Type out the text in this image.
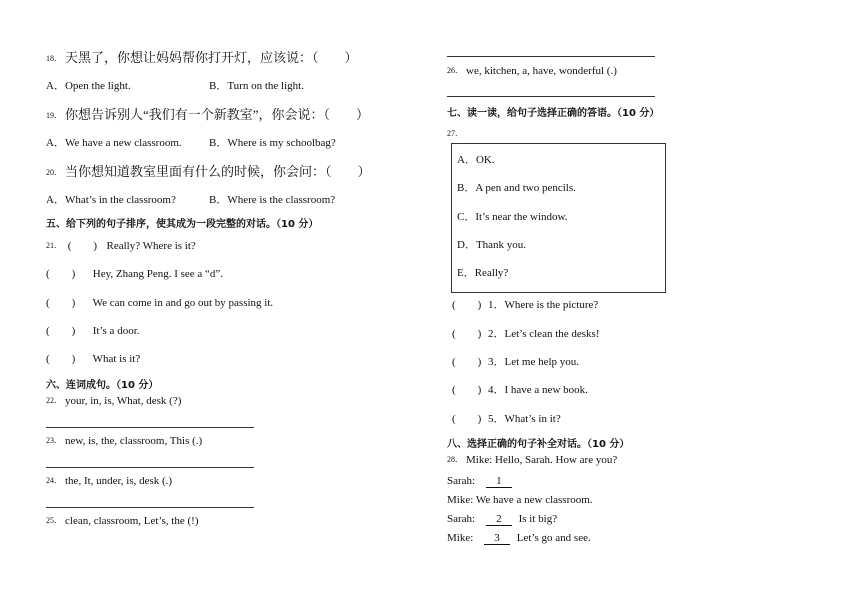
18． 天黑了，你想让妈妈帮你打开灯，应该说：（　　）
A．Open the light.	B．Turn on the light.
19． 你想告诉别人“我们有一个新教室”，你会说：（　　）
A．We have a new classroom. B．Where is my schoolbag?
20． 当你想知道教室里面有什么的时候，你会问：（　　）
A．What’s in the classroom?	B．Where is the classroom?
五、给下列的句子排序，使其成为一段完整的对话。（10 分）
21． (　　) Really? Where is it?
(　　) Hey, Zhang Peng. I see a “d”.
(　　) We can come in and go out by passing it.
(　　) It’s a door.
(　　) What is it?
六、连词成句。（10 分）
22． your, in, is, What, desk (?)
23． new, is, the, classroom, This (.)
24． the, It, under, is, desk (.)
25． clean, classroom, Let’s, the (!)
26． we, kitchen, a, have, wonderful (.)
七、读一读，给句子选择正确的答语。（10 分）
27．
A．OK.
B．A pen and two pencils.
C．It’s near the window.
D．Thank you.
E．Really?
(　　) 1．Where is the picture?
(　　) 2．Let’s clean the desks!
(　　) 3．Let me help you.
(　　) 4．I have a new book.
(　　) 5．What’s in it?
八、选择正确的句子补全对话。（10 分）
28． Mike: Hello, Sarah. How are you?
Sarah: 1
Mike: We have a new classroom.
Sarah: 2 Is it big?
Mike: 3 Let’s go and see.
